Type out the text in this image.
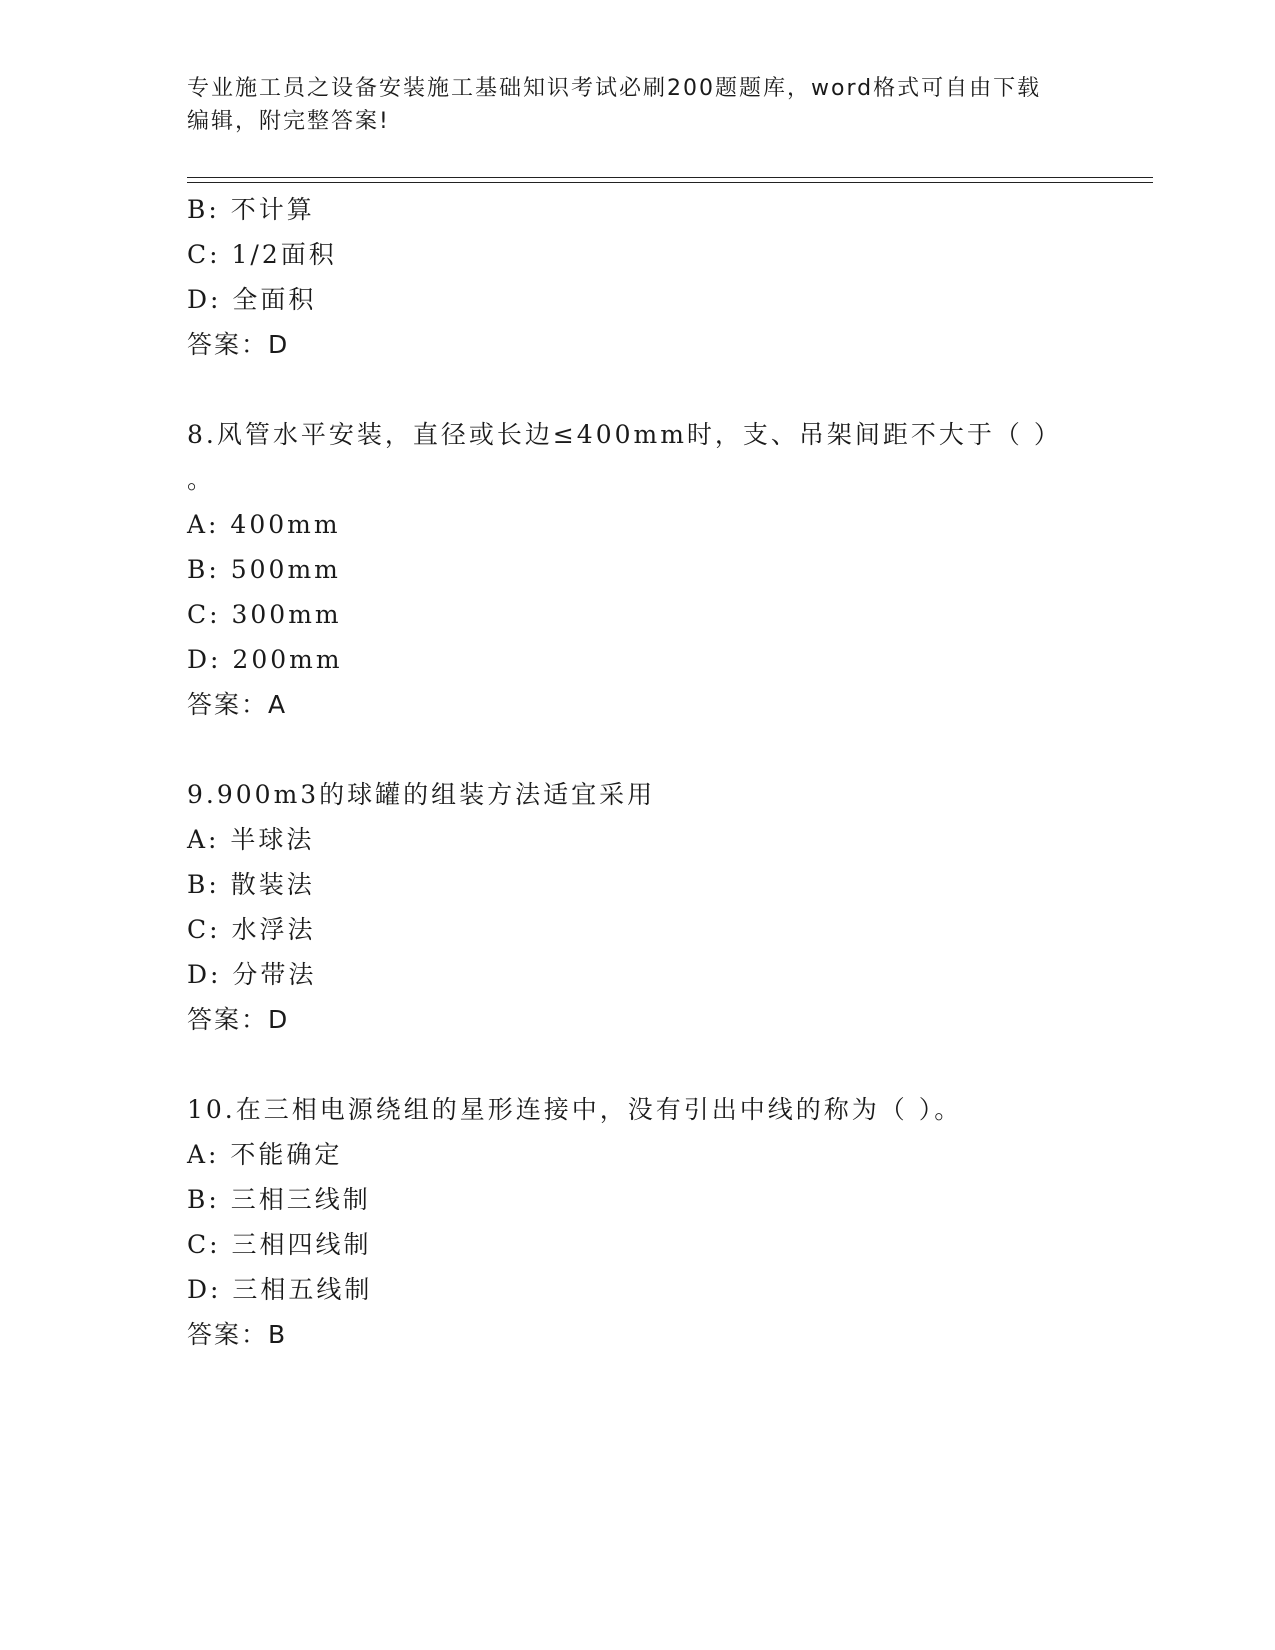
专业施工员之设备安装施工基础知识考试必刷200题题库，word格式可自由下载
编辑，附完整答案!
B: 不计算
C: 1/2面积
D: 全面积
答案：D
8.风管水平安装，直径或长边≤400mm时，支、吊架间距不大于（ ）
。
A: 400mm
B: 500mm
C: 300mm
D: 200mm
答案：A
9.900m3的球罐的组装方法适宜采用
A: 半球法
B: 散装法
C: 水浮法
D: 分带法
答案：D
10.在三相电源绕组的星形连接中，没有引出中线的称为（ ）。
A: 不能确定
B: 三相三线制
C: 三相四线制
D: 三相五线制
答案：B
